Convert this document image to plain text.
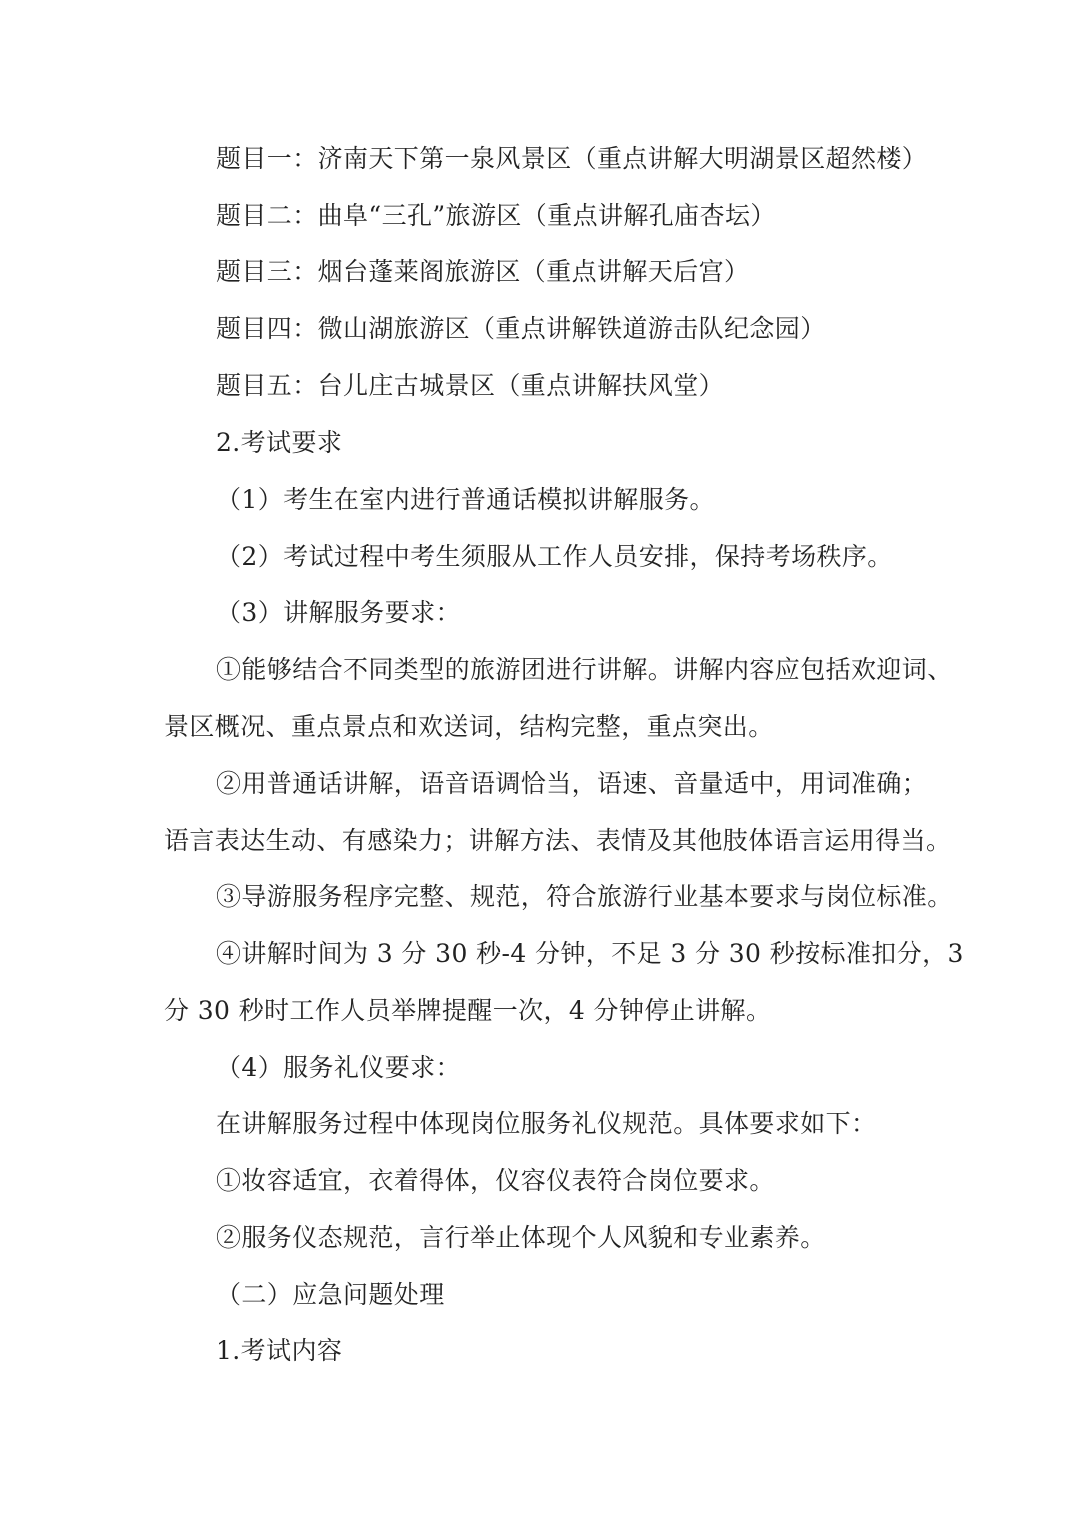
题目一：济南天下第一泉风景区（重点讲解大明湖景区超然楼）
题目二：曲阜“三孔”旅游区（重点讲解孔庙杏坛）
题目三：烟台蓬莱阁旅游区（重点讲解天后宫）
题目四：微山湖旅游区（重点讲解铁道游击队纪念园）
题目五：台儿庄古城景区（重点讲解扶风堂）
2.考试要求
（1）考生在室内进行普通话模拟讲解服务。
（2）考试过程中考生须服从工作人员安排，保持考场秩序。
（3）讲解服务要求：
①能够结合不同类型的旅游团进行讲解。讲解内容应包括欢迎词、
景区概况、重点景点和欢送词，结构完整，重点突出。
②用普通话讲解，语音语调恰当，语速、音量适中，用词准确；
语言表达生动、有感染力；讲解方法、表情及其他肢体语言运用得当。
③导游服务程序完整、规范，符合旅游行业基本要求与岗位标准。
④讲解时间为 3 分 30 秒-4 分钟，不足 3 分 30 秒按标准扣分，3
分 30 秒时工作人员举牌提醒一次，4 分钟停止讲解。
（4）服务礼仪要求：
在讲解服务过程中体现岗位服务礼仪规范。具体要求如下：
①妆容适宜，衣着得体，仪容仪表符合岗位要求。
②服务仪态规范，言行举止体现个人风貌和专业素养。
（二）应急问题处理
1.考试内容
